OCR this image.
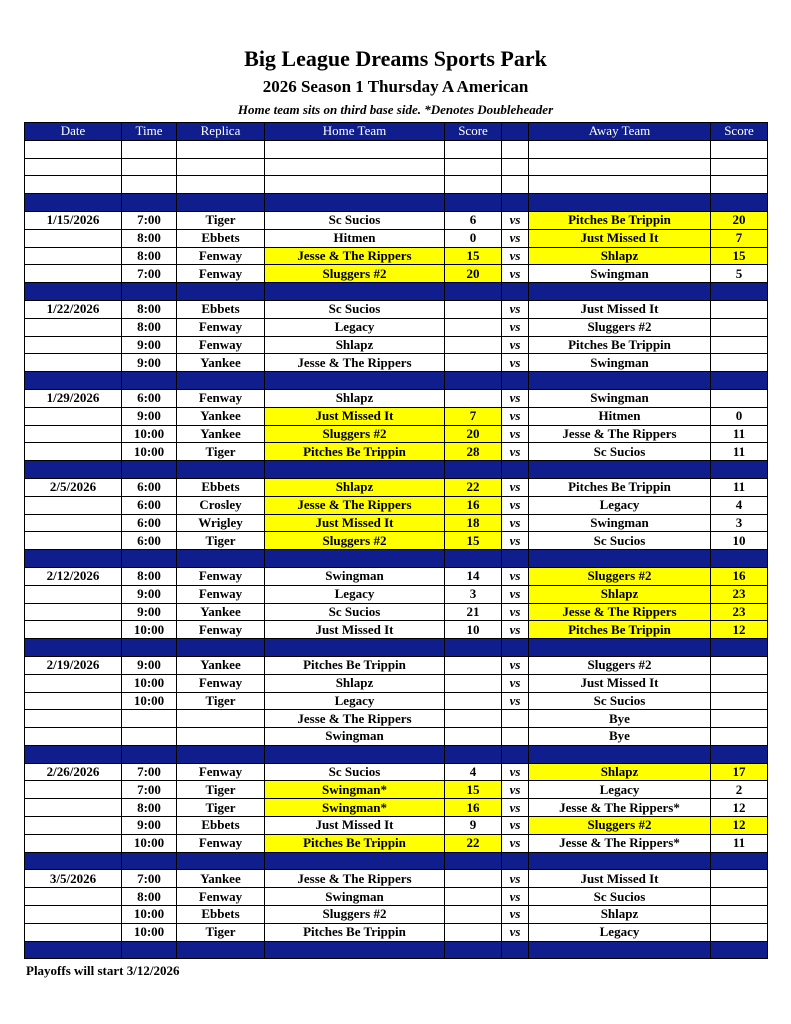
Big League Dreams Sports Park
2026 Season 1 Thursday A American
Home team sits on third base side. *Denotes Doubleheader
Date	Time	Replica	Home Team	Score		Away Team	Score

1/15/2026	7:00	Tiger	Sc Sucios	6	vs	Pitches Be Trippin	20
	8:00	Ebbets	Hitmen	0	vs	Just Missed It	7
	8:00	Fenway	Jesse & The Rippers	15	vs	Shlapz	15
	7:00	Fenway	Sluggers #2	20	vs	Swingman	5

1/22/2026	8:00	Ebbets	Sc Sucios		vs	Just Missed It	
	8:00	Fenway	Legacy		vs	Sluggers #2	
	9:00	Fenway	Shlapz		vs	Pitches Be Trippin	
	9:00	Yankee	Jesse & The Rippers		vs	Swingman	

1/29/2026	6:00	Fenway	Shlapz		vs	Swingman	
	9:00	Yankee	Just Missed It	7	vs	Hitmen	0
	10:00	Yankee	Sluggers #2	20	vs	Jesse & The Rippers	11
	10:00	Tiger	Pitches Be Trippin	28	vs	Sc Sucios	11

2/5/2026	6:00	Ebbets	Shlapz	22	vs	Pitches Be Trippin	11
	6:00	Crosley	Jesse & The Rippers	16	vs	Legacy	4
	6:00	Wrigley	Just Missed It	18	vs	Swingman	3
	6:00	Tiger	Sluggers #2	15	vs	Sc Sucios	10

2/12/2026	8:00	Fenway	Swingman	14	vs	Sluggers #2	16
	9:00	Fenway	Legacy	3	vs	Shlapz	23
	9:00	Yankee	Sc Sucios	21	vs	Jesse & The Rippers	23
	10:00	Fenway	Just Missed It	10	vs	Pitches Be Trippin	12

2/19/2026	9:00	Yankee	Pitches Be Trippin		vs	Sluggers #2	
	10:00	Fenway	Shlapz		vs	Just Missed It	
	10:00	Tiger	Legacy		vs	Sc Sucios	
			Jesse & The Rippers			Bye	
			Swingman			Bye	

2/26/2026	7:00	Fenway	Sc Sucios	4	vs	Shlapz	17
	7:00	Tiger	Swingman*	15	vs	Legacy	2
	8:00	Tiger	Swingman*	16	vs	Jesse & The Rippers*	12
	9:00	Ebbets	Just Missed It	9	vs	Sluggers #2	12
	10:00	Fenway	Pitches Be Trippin	22	vs	Jesse & The Rippers*	11

3/5/2026	7:00	Yankee	Jesse & The Rippers		vs	Just Missed It	
	8:00	Fenway	Swingman		vs	Sc Sucios	
	10:00	Ebbets	Sluggers #2		vs	Shlapz	
	10:00	Tiger	Pitches Be Trippin		vs	Legacy	

Playoffs will start 3/12/2026
